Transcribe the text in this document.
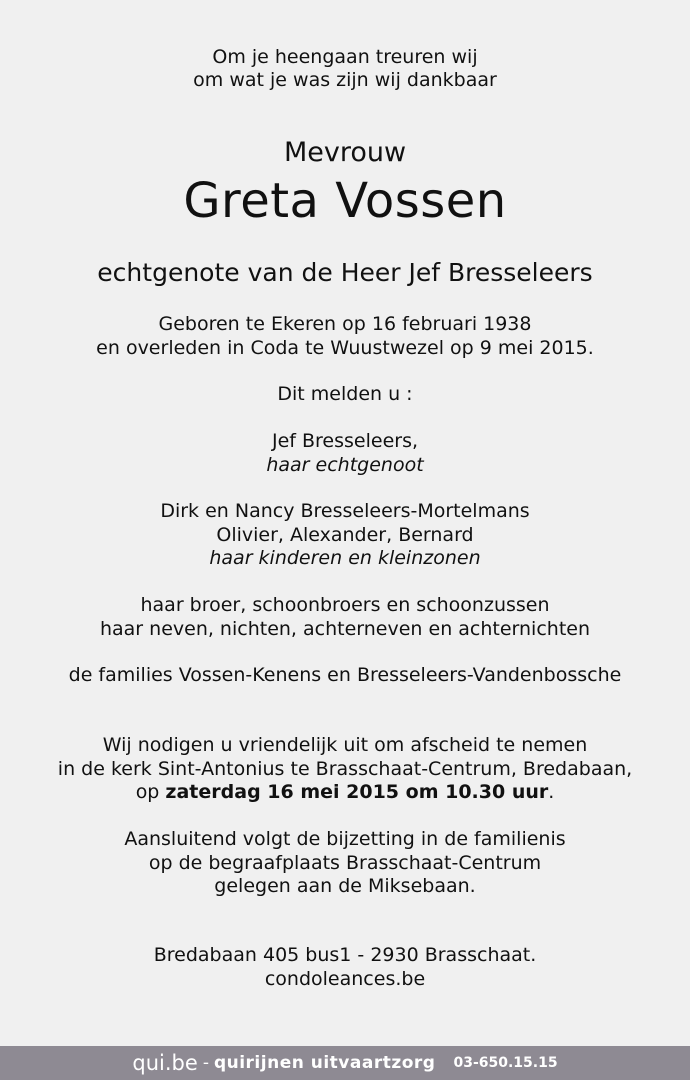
Om je heengaan treuren wij
om wat je was zijn wij dankbaar
Mevrouw
Greta Vossen
echtgenote van de Heer Jef Bresseleers
Geboren te Ekeren op 16 februari 1938
en overleden in Coda te Wuustwezel op 9 mei 2015.
Dit melden u :
Jef Bresseleers,
haar echtgenoot
Dirk en Nancy Bresseleers-Mortelmans
Olivier, Alexander, Bernard
haar kinderen en kleinzonen
haar broer, schoonbroers en schoonzussen
haar neven, nichten, achterneven en achternichten
de families Vossen-Kenens en Bresseleers-Vandenbossche
Wij nodigen u vriendelijk uit om afscheid te nemen
in de kerk Sint-Antonius te Brasschaat-Centrum, Bredabaan,
op zaterdag 16 mei 2015 om 10.30 uur.
Aansluitend volgt de bijzetting in de familienis
op de begraafplaats Brasschaat-Centrum
gelegen aan de Miksebaan.
Bredabaan 405 bus1 - 2930 Brasschaat.
condoleances.be
qui.be - quirijnen uitvaartzorg 03-650.15.15
